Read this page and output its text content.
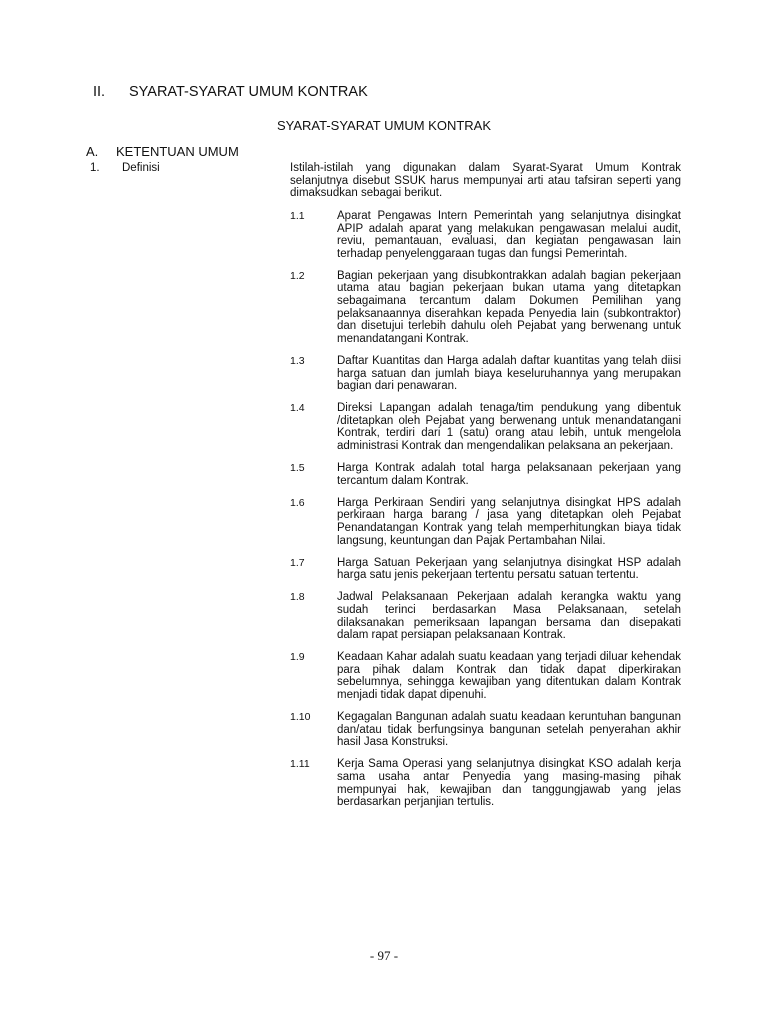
II.	SYARAT-SYARAT UMUM KONTRAK
SYARAT-SYARAT UMUM KONTRAK
A.	KETENTUAN UMUM
1.	Definisi	Istilah-istilah yang digunakan dalam Syarat-Syarat Umum Kontrak selanjutnya disebut SSUK harus mempunyai arti atau tafsiran seperti yang dimaksudkan sebagai berikut.
1.1	Aparat Pengawas Intern Pemerintah yang selanjutnya disingkat APIP adalah aparat yang melakukan pengawasan melalui audit, reviu, pemantauan, evaluasi, dan kegiatan pengawasan lain terhadap penyelenggaraan tugas dan fungsi Pemerintah.
1.2	Bagian pekerjaan yang disubkontrakkan adalah bagian pekerjaan utama atau bagian pekerjaan bukan utama yang ditetapkan sebagaimana tercantum dalam Dokumen Pemilihan yang pelaksanaannya diserahkan kepada Penyedia lain (subkontraktor) dan disetujui terlebih dahulu oleh Pejabat yang berwenang untuk menandatangani Kontrak.
1.3	Daftar Kuantitas dan Harga adalah daftar kuantitas yang telah diisi harga satuan dan jumlah biaya keseluruhannya yang merupakan bagian dari penawaran.
1.4	Direksi Lapangan adalah tenaga/tim pendukung yang dibentuk /ditetapkan oleh Pejabat yang berwenang untuk menandatangani Kontrak, terdiri dari 1 (satu) orang atau lebih, untuk mengelola administrasi Kontrak dan mengendalikan pelaksana an pekerjaan.
1.5	Harga Kontrak adalah total harga pelaksanaan pekerjaan yang tercantum dalam Kontrak.
1.6	Harga Perkiraan Sendiri yang selanjutnya disingkat HPS adalah perkiraan harga barang / jasa yang ditetapkan oleh Pejabat Penandatangan Kontrak yang telah memperhitungkan biaya tidak langsung, keuntungan dan Pajak Pertambahan Nilai.
1.7	Harga Satuan Pekerjaan yang selanjutnya disingkat HSP adalah harga satu jenis pekerjaan tertentu persatu satuan tertentu.
1.8	Jadwal Pelaksanaan Pekerjaan adalah kerangka waktu yang sudah terinci berdasarkan Masa Pelaksanaan, setelah dilaksanakan pemeriksaan lapangan bersama dan disepakati dalam rapat persiapan pelaksanaan Kontrak.
1.9	Keadaan Kahar adalah suatu keadaan yang terjadi diluar kehendak para pihak dalam Kontrak dan tidak dapat diperkirakan sebelumnya, sehingga kewajiban yang ditentukan dalam Kontrak menjadi tidak dapat dipenuhi.
1.10	Kegagalan Bangunan adalah suatu keadaan keruntuhan bangunan dan/atau tidak berfungsinya bangunan setelah penyerahan akhir hasil Jasa Konstruksi.
1.11	Kerja Sama Operasi yang selanjutnya disingkat KSO adalah kerja sama usaha antar Penyedia yang masing-masing pihak mempunyai hak, kewajiban dan tanggungjawab yang jelas berdasarkan perjanjian tertulis.
- 97 -
